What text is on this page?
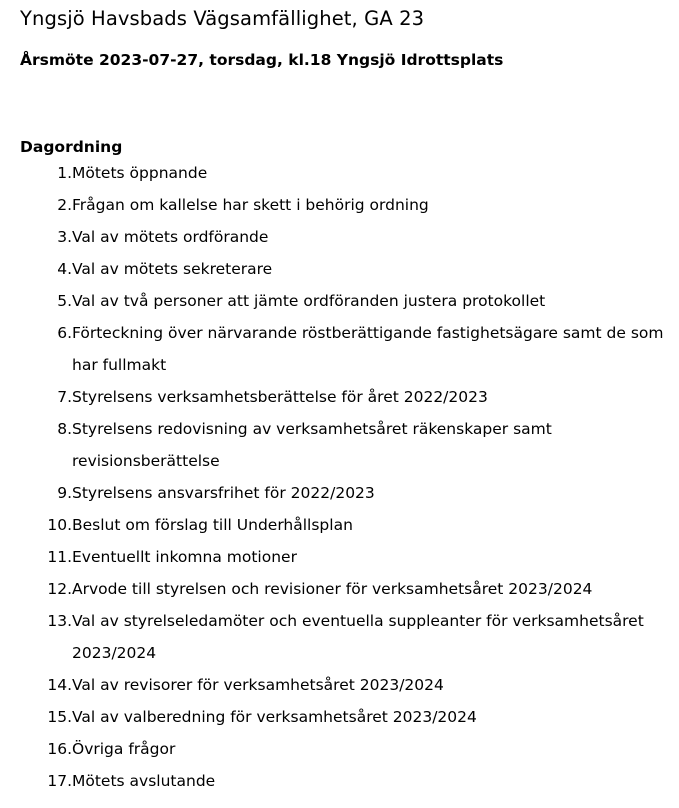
Yngsjö Havsbads Vägsamfällighet, GA 23
Årsmöte 2023-07-27, torsdag, kl.18 Yngsjö Idrottsplats
Dagordning
1. Mötets öppnande
2. Frågan om kallelse har skett i behörig ordning
3. Val av mötets ordförande
4. Val av mötets sekreterare
5. Val av två personer att jämte ordföranden justera protokollet
6. Förteckning över närvarande röstberättigande fastighetsägare samt de som har fullmakt
7. Styrelsens verksamhetsberättelse för året 2022/2023
8. Styrelsens redovisning av verksamhetsåret räkenskaper samt revisionsberättelse
9. Styrelsens ansvarsfrihet för 2022/2023
10. Beslut om förslag till Underhållsplan
11. Eventuellt inkomna motioner
12. Arvode till styrelsen och revisioner för verksamhetsåret 2023/2024
13. Val av styrelseledamöter och eventuella suppleanter för verksamhetsåret 2023/2024
14. Val av revisorer för verksamhetsåret 2023/2024
15. Val av valberedning för verksamhetsåret 2023/2024
16. Övriga frågor
17. Mötets avslutande
